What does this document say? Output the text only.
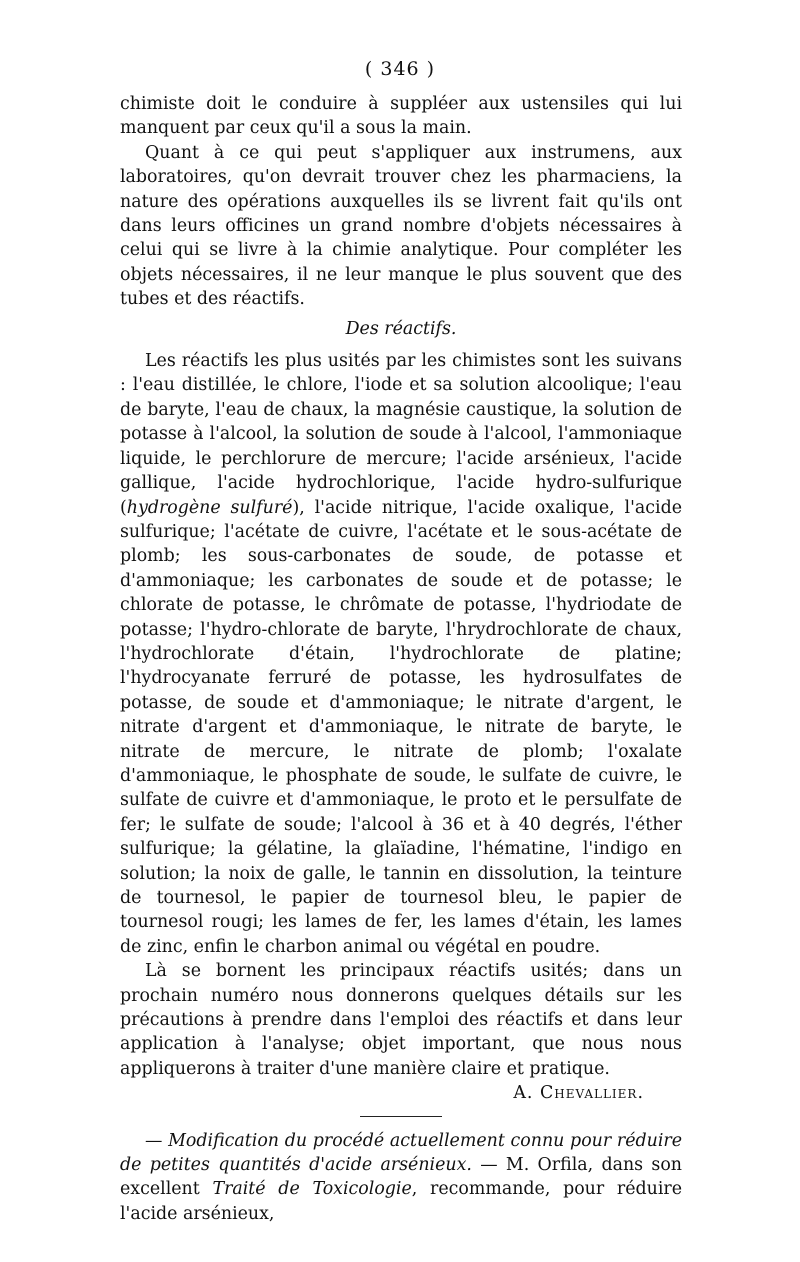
( 346 )

chimiste doit le conduire à suppléer aux ustensiles qui lui manquent par ceux qu'il a sous la main.

Quant à ce qui peut s'appliquer aux instrumens, aux laboratoires, qu'on devrait trouver chez les pharmaciens, la nature des opérations auxquelles ils se livrent fait qu'ils ont dans leurs officines un grand nombre d'objets nécessaires à celui qui se livre à la chimie analytique. Pour compléter les objets nécessaires, il ne leur manque le plus souvent que des tubes et des réactifs.

Des réactifs.

Les réactifs les plus usités par les chimistes sont les suivans : l'eau distillée, le chlore, l'iode et sa solution alcoolique; l'eau de baryte, l'eau de chaux, la magnésie caustique, la solution de potasse à l'alcool, la solution de soude à l'alcool, l'ammoniaque liquide, le perchlorure de mercure; l'acide arsénieux, l'acide gallique, l'acide hydrochlorique, l'acide hydro-sulfurique (hydrogène sulfuré), l'acide nitrique, l'acide oxalique, l'acide sulfurique; l'acétate de cuivre, l'acétate et le sous-acétate de plomb; les sous-carbonates de soude, de potasse et d'ammoniaque; les carbonates de soude et de potasse; le chlorate de potasse, le chrômate de potasse, l'hydriodate de potasse; l'hydro-chlorate de baryte, l'hrydrochlorate de chaux, l'hydrochlorate d'étain, l'hydrochlorate de platine; l'hydrocyanate ferruré de potasse, les hydrosulfates de potasse, de soude et d'ammoniaque; le nitrate d'argent, le nitrate d'argent et d'ammoniaque, le nitrate de baryte, le nitrate de mercure, le nitrate de plomb; l'oxalate d'ammoniaque, le phosphate de soude, le sulfate de cuivre, le sulfate de cuivre et d'ammoniaque, le proto et le persulfate de fer; le sulfate de soude; l'alcool à 36 et à 40 degrés, l'éther sulfurique; la gélatine, la glaïadine, l'hématine, l'indigo en solution; la noix de galle, le tannin en dissolution, la teinture de tournesol, le papier de tournesol bleu, le papier de tournesol rougi; les lames de fer, les lames d'étain, les lames de zinc, enfin le charbon animal ou végétal en poudre.

Là se bornent les principaux réactifs usités; dans un prochain numéro nous donnerons quelques détails sur les précautions à prendre dans l'emploi des réactifs et dans leur application à l'analyse; objet important, que nous nous appliquerons à traiter d'une manière claire et pratique.
A. Chevallier.

— Modification du procédé actuellement connu pour réduire de petites quantités d'acide arsénieux. — M. Orfila, dans son excellent Traité de Toxicologie, recommande, pour réduire l'acide arsénieux,
